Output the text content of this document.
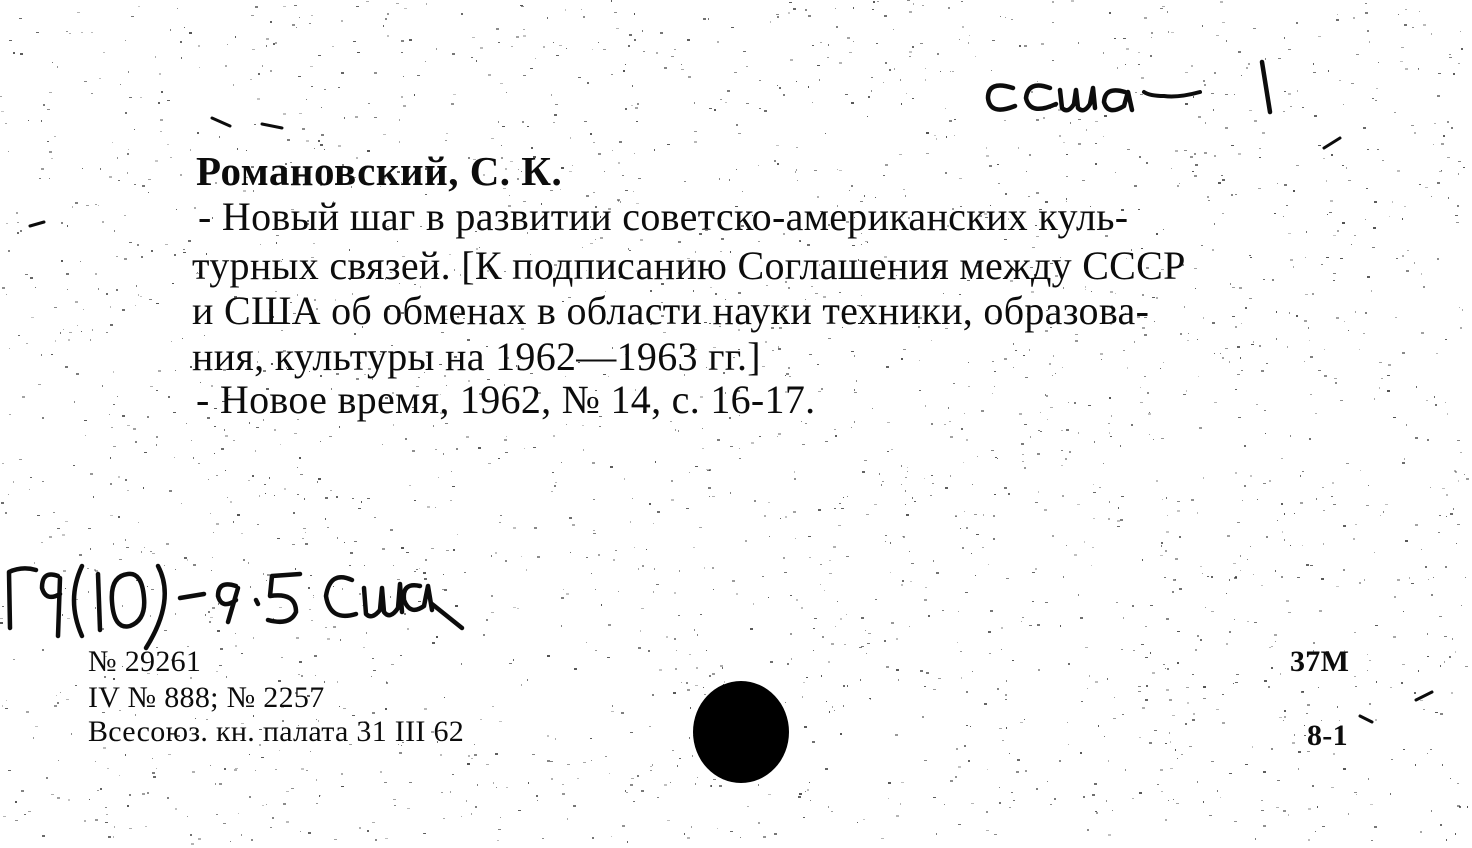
Романовский, С. К.
- Новый шаг в развитии советско-американских куль-
турных связей. [К подписанию Соглашения между СССР
и США об обменах в области науки техники, образова-
ния, культуры на 1962—1963 гг.]
- Новое время, 1962, № 14, с. 16-17.
№ 29261
IV № 888; № 2257
Всесоюз. кн. палата 31 III 62
37М
8-1
